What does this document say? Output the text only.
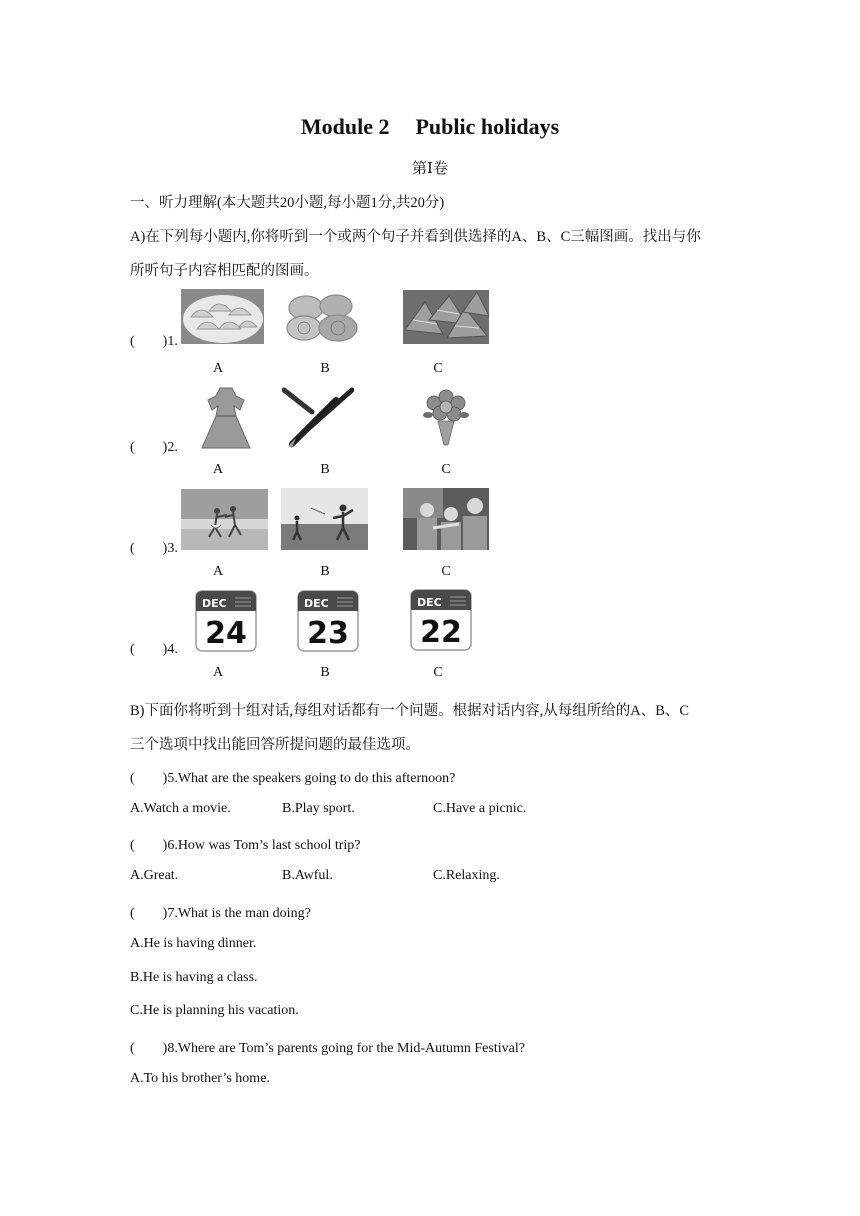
Module 2 Public holidays
第Ⅰ卷
一、听力理解(本大题共20小题,每小题1分,共20分)
A)在下列每小题内,你将听到一个或两个句子并看到供选择的A、B、C三幅图画。找出与你
所听句子内容相匹配的图画。
(　　)1.
A	B	C
(　　)2.
A	B	C
(　　)3.
A	B	C
(　　)4.
DEC
24
DEC
23
DEC
22
A	B	C
B)下面你将听到十组对话,每组对话都有一个问题。根据对话内容,从每组所给的A、B、C
三个选项中找出能回答所提问题的最佳选项。
(　　)5.What are the speakers going to do this afternoon?
A.Watch a movie.	B.Play sport.	C.Have a picnic.
(　　)6.How was Tom’s last school trip?
A.Great.	B.Awful.	C.Relaxing.
(　　)7.What is the man doing?
A.He is having dinner.
B.He is having a class.
C.He is planning his vacation.
(　　)8.Where are Tom’s parents going for the Mid-Autumn Festival?
A.To his brother’s home.
